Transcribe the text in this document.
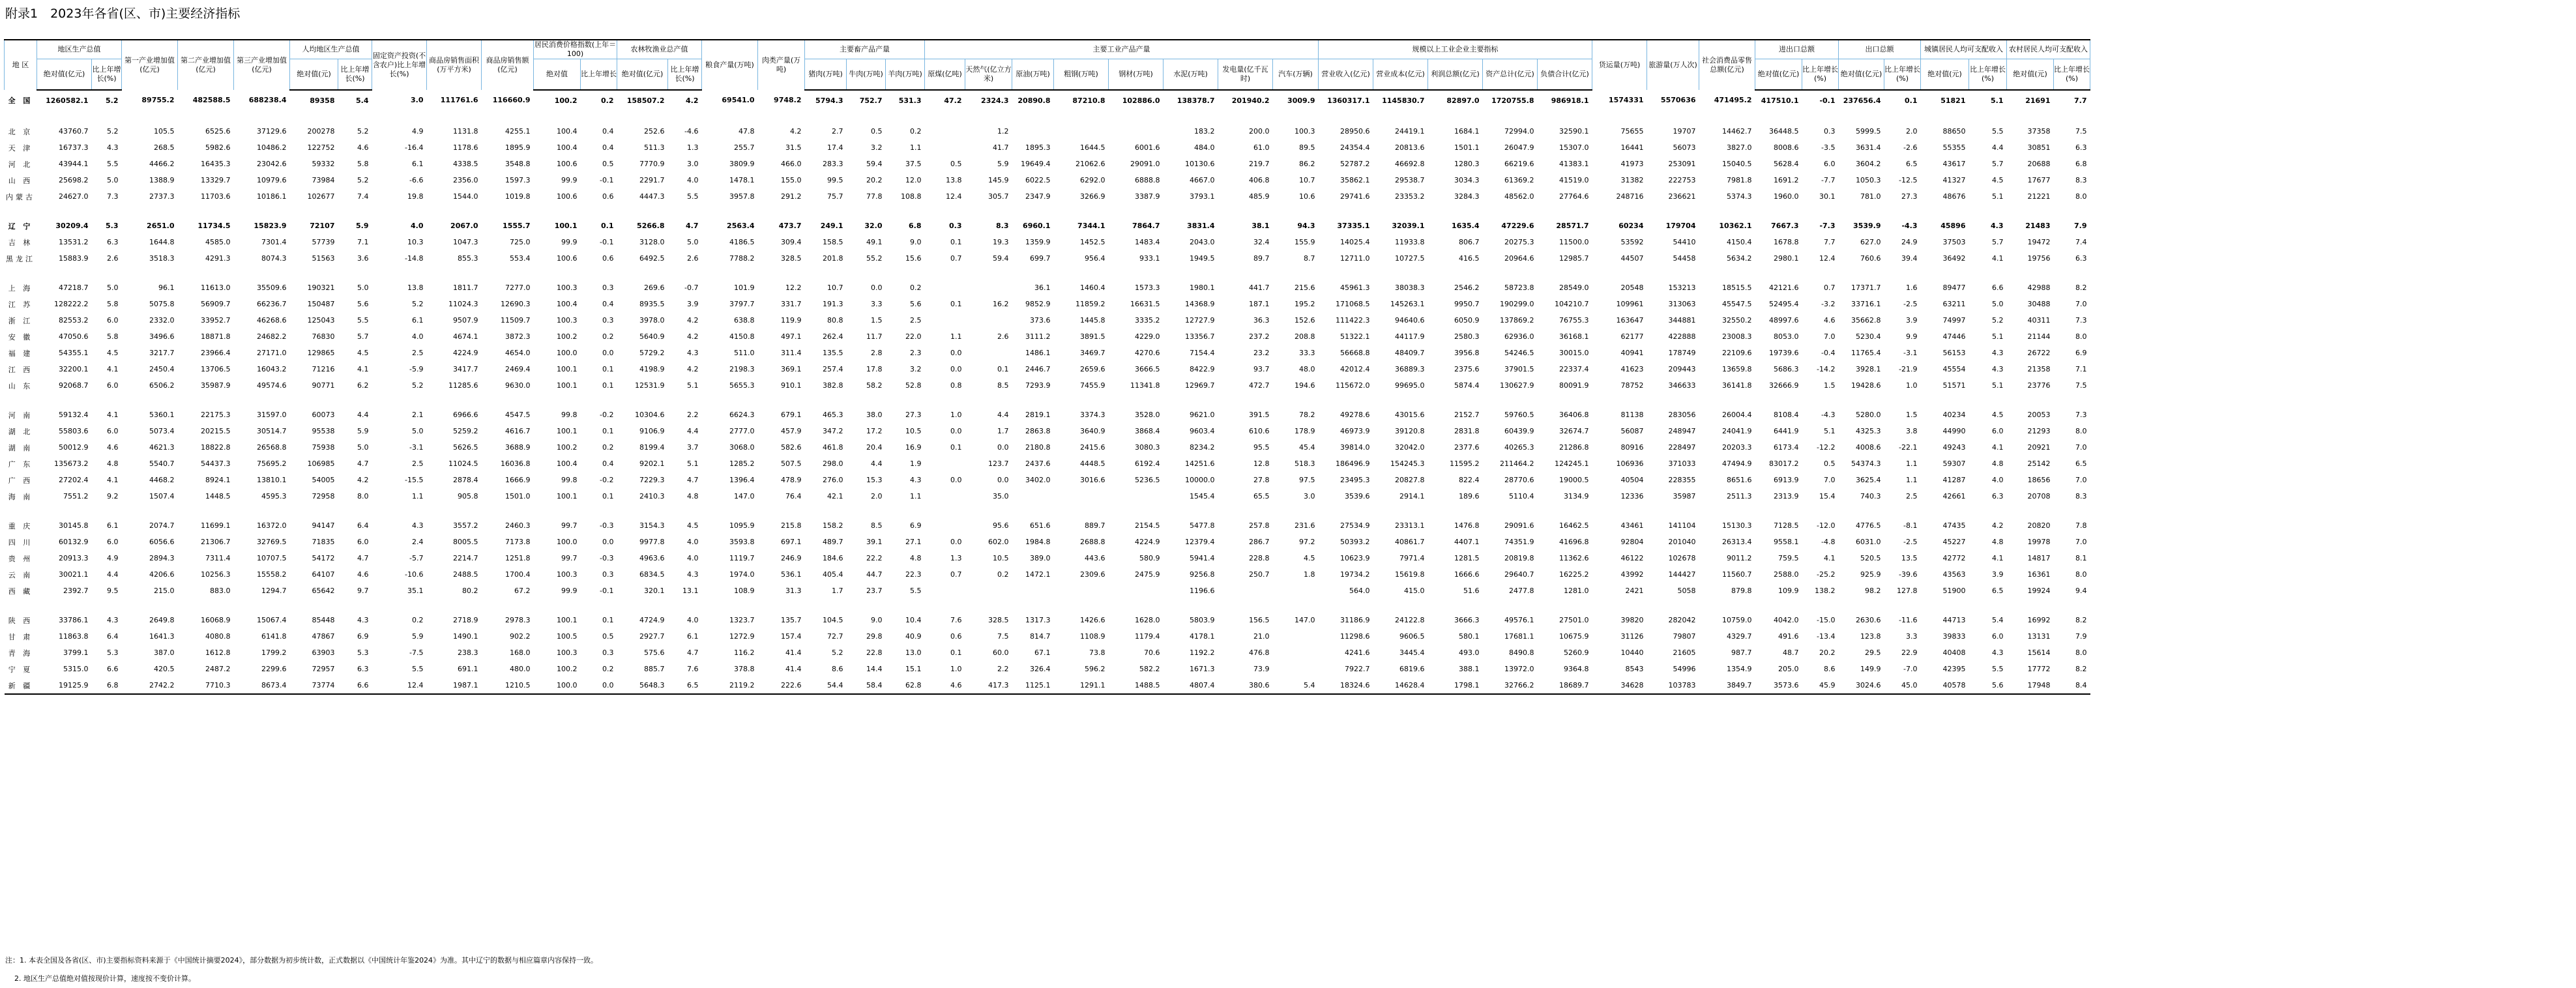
附录1　2023年各省(区、市)主要经济指标
地 区	地区生产总值		第一产业增加值(亿元)	第二产业增加值(亿元)	第三产业增加值(亿元)	人均地区生产总值		固定资产投资(不含农户)比上年增长(%)	商品房销售面积(万平方米)	商品房销售额(亿元)	居民消费价格指数(上年＝100)		农林牧渔业总产值		粮食产量(万吨)	肉类产量(万吨)	主要畜产品产量			主要工业产品产量								规模以上工业企业主要指标					货运量(万吨)	旅游量(万人次)	社会消费品零售总额(亿元)	进出口总额		出口总额		城镇居民人均可支配收入		农村居民人均可支配收入	
	绝对值(亿元)	比上年增长(%)				绝对值(元)	比上年增长(%)				绝对值	比上年增长	绝对值(亿元)	比上年增长(%)			猪肉(万吨)	牛肉(万吨)	羊肉(万吨)	原煤(亿吨)	天然气(亿立方米)	原油(万吨)	粗钢(万吨)	钢材(万吨)	水泥(万吨)	发电量(亿千瓦时)	汽车(万辆)	营业收入(亿元)	营业成本(亿元)	利润总额(亿元)	资产总计(亿元)	负债合计(亿元)				绝对值(亿元)	比上年增长(%)	绝对值(亿元)	比上年增长(%)	绝对值(元)	比上年增长(%)	绝对值(元)	比上年增长(%)
全 国	1260582.1	5.2	89755.2	482588.5	688238.4	89358	5.4	3.0	111761.6	116660.9	100.2	0.2	158507.2	4.2	69541.0	9748.2	5794.3	752.7	531.3	47.2	2324.3	20890.8	87210.8	102886.0	138378.7	201940.2	3009.9	1360317.1	1145830.7	82897.0	1720755.8	986918.1	1574331	5570636	471495.2	417510.1	-0.1	237656.4	0.1	51821	5.1	21691	7.7

北 京	43760.7	5.2	105.5	6525.6	37129.6	200278	5.2	4.9	1131.8	4255.1	100.4	0.4	252.6	-4.6	47.8	4.2	2.7	0.5	0.2		1.2				183.2	200.0	100.3	28950.6	24419.1	1684.1	72994.0	32590.1	75655	19707	14462.7	36448.5	0.3	5999.5	2.0	88650	5.5	37358	7.5
天 津	16737.3	4.3	268.5	5982.6	10486.2	122752	4.6	-16.4	1178.6	1895.9	100.4	0.4	511.3	1.3	255.7	31.5	17.4	3.2	1.1		41.7	1895.3	1644.5	6001.6	484.0	61.0	89.5	24354.4	20813.6	1501.1	26047.9	15307.0	16441	56073	3827.0	8008.6	-3.5	3631.4	-2.6	55355	4.4	30851	6.3
河 北	43944.1	5.5	4466.2	16435.3	23042.6	59332	5.8	6.1	4338.5	3548.8	100.6	0.5	7770.9	3.0	3809.9	466.0	283.3	59.4	37.5	0.5	5.9	19649.4	21062.6	29091.0	10130.6	219.7	86.2	52787.2	46692.8	1280.3	66219.6	41383.1	41973	253091	15040.5	5628.4	6.0	3604.2	6.5	43617	5.7	20688	6.8
山 西	25698.2	5.0	1388.9	13329.7	10979.6	73984	5.2	-6.6	2356.0	1597.3	99.9	-0.1	2291.7	4.0	1478.1	155.0	99.5	20.2	12.0	13.8	145.9	6022.5	6292.0	6888.8	4667.0	406.8	10.7	35862.1	29538.7	3034.3	61369.2	41519.0	31382	222753	7981.8	1691.2	-7.7	1050.3	-12.5	41327	4.5	17677	8.3
内蒙古	24627.0	7.3	2737.3	11703.6	10186.1	102677	7.4	19.8	1544.0	1019.8	100.6	0.6	4447.3	5.5	3957.8	291.2	75.7	77.8	108.8	12.4	305.7	2347.9	3266.9	3387.9	3793.1	485.9	10.6	29741.6	23353.2	3284.3	48562.0	27764.6	248716	236621	5374.3	1960.0	30.1	781.0	27.3	48676	5.1	21221	8.0

辽 宁	30209.4	5.3	2651.0	11734.5	15823.9	72107	5.9	4.0	2067.0	1555.7	100.1	0.1	5266.8	4.7	2563.4	473.7	249.1	32.0	6.8	0.3	8.3	6960.1	7344.1	7864.7	3831.4	38.1	94.3	37335.1	32039.1	1635.4	47229.6	28571.7	60234	179704	10362.1	7667.3	-7.3	3539.9	-4.3	45896	4.3	21483	7.9
吉 林	13531.2	6.3	1644.8	4585.0	7301.4	57739	7.1	10.3	1047.3	725.0	99.9	-0.1	3128.0	5.0	4186.5	309.4	158.5	49.1	9.0	0.1	19.3	1359.9	1452.5	1483.4	2043.0	32.4	155.9	14025.4	11933.8	806.7	20275.3	11500.0	53592	54410	4150.4	1678.8	7.7	627.0	24.9	37503	5.7	19472	7.4
黑龙江	15883.9	2.6	3518.3	4291.3	8074.3	51563	3.6	-14.8	855.3	553.4	100.6	0.6	6492.5	2.6	7788.2	328.5	201.8	55.2	15.6	0.7	59.4	699.7	956.4	933.1	1949.5	89.7	8.7	12711.0	10727.5	416.5	20964.6	12985.7	44507	54458	5634.2	2980.1	12.4	760.6	39.4	36492	4.1	19756	6.3

上 海	47218.7	5.0	96.1	11613.0	35509.6	190321	5.0	13.8	1811.7	7277.0	100.3	0.3	269.6	-0.7	101.9	12.2	10.7	0.0	0.2			36.1	1460.4	1573.3	1980.1	441.7	215.6	45961.3	38038.3	2546.2	58723.8	28549.0	20548	153213	18515.5	42121.6	0.7	17371.7	1.6	89477	6.6	42988	8.2
江 苏	128222.2	5.8	5075.8	56909.7	66236.7	150487	5.6	5.2	11024.3	12690.3	100.4	0.4	8935.5	3.9	3797.7	331.7	191.3	3.3	5.6	0.1	16.2	9852.9	11859.2	16631.5	14368.9	187.1	195.2	171068.5	145263.1	9950.7	190299.0	104210.7	109961	313063	45547.5	52495.4	-3.2	33716.1	-2.5	63211	5.0	30488	7.0
浙 江	82553.2	6.0	2332.0	33952.7	46268.6	125043	5.5	6.1	9507.9	11509.7	100.3	0.3	3978.0	4.2	638.8	119.9	80.8	1.5	2.5			373.6	1445.8	3335.2	12727.9	36.3	152.6	111422.3	94640.6	6050.9	137869.2	76755.3	163647	344881	32550.2	48997.6	4.6	35662.8	3.9	74997	5.2	40311	7.3
安 徽	47050.6	5.8	3496.6	18871.8	24682.2	76830	5.7	4.0	4674.1	3872.3	100.2	0.2	5640.9	4.2	4150.8	497.1	262.4	11.7	22.0	1.1	2.6	3111.2	3891.5	4229.0	13356.7	237.2	208.8	51322.1	44117.9	2580.3	62936.0	36168.1	62177	422888	23008.3	8053.0	7.0	5230.4	9.9	47446	5.1	21144	8.0
福 建	54355.1	4.5	3217.7	23966.4	27171.0	129865	4.5	2.5	4224.9	4654.0	100.0	0.0	5729.2	4.3	511.0	311.4	135.5	2.8	2.3	0.0		1486.1	3469.7	4270.6	7154.4	23.2	33.3	56668.8	48409.7	3956.8	54246.5	30015.0	40941	178749	22109.6	19739.6	-0.4	11765.4	-3.1	56153	4.3	26722	6.9
江 西	32200.1	4.1	2450.4	13706.5	16043.2	71216	4.1	-5.9	3417.7	2469.4	100.1	0.1	4198.9	4.2	2198.3	369.1	257.4	17.8	3.2	0.0	0.1	2446.7	2659.6	3666.5	8422.9	93.7	48.0	42012.4	36889.3	2375.6	37901.5	22337.4	41623	209443	13659.8	5686.3	-14.2	3928.1	-21.9	45554	4.3	21358	7.1
山 东	92068.7	6.0	6506.2	35987.9	49574.6	90771	6.2	5.2	11285.6	9630.0	100.1	0.1	12531.9	5.1	5655.3	910.1	382.8	58.2	52.8	0.8	8.5	7293.9	7455.9	11341.8	12969.7	472.7	194.6	115672.0	99695.0	5874.4	130627.9	80091.9	78752	346633	36141.8	32666.9	1.5	19428.6	1.0	51571	5.1	23776	7.5

河 南	59132.4	4.1	5360.1	22175.3	31597.0	60073	4.4	2.1	6966.6	4547.5	99.8	-0.2	10304.6	2.2	6624.3	679.1	465.3	38.0	27.3	1.0	4.4	2819.1	3374.3	3528.0	9621.0	391.5	78.2	49278.6	43015.6	2152.7	59760.5	36406.8	81138	283056	26004.4	8108.4	-4.3	5280.0	1.5	40234	4.5	20053	7.3
湖 北	55803.6	6.0	5073.4	20215.5	30514.7	95538	5.9	5.0	5259.2	4616.7	100.1	0.1	9106.9	4.4	2777.0	457.9	347.2	17.2	10.5	0.0	1.7	2863.8	3640.9	3868.4	9603.4	610.6	178.9	46973.9	39120.8	2831.8	60439.9	32674.7	56087	248947	24041.9	6441.9	5.1	4325.3	3.8	44990	6.0	21293	8.0
湖 南	50012.9	4.6	4621.3	18822.8	26568.8	75938	5.0	-3.1	5626.5	3688.9	100.2	0.2	8199.4	3.7	3068.0	582.6	461.8	20.4	16.9	0.1	0.0	2180.8	2415.6	3080.3	8234.2	95.5	45.4	39814.0	32042.0	2377.6	40265.3	21286.8	80916	228497	20203.3	6173.4	-12.2	4008.6	-22.1	49243	4.1	20921	7.0
广 东	135673.2	4.8	5540.7	54437.3	75695.2	106985	4.7	2.5	11024.5	16036.8	100.4	0.4	9202.1	5.1	1285.2	507.5	298.0	4.4	1.9		123.7	2437.6	4448.5	6192.4	14251.6	12.8	518.3	186496.9	154245.3	11595.2	211464.2	124245.1	106936	371033	47494.9	83017.2	0.5	54374.3	1.1	59307	4.8	25142	6.5
广 西	27202.4	4.1	4468.2	8924.1	13810.1	54005	4.2	-15.5	2878.4	1666.9	99.8	-0.2	7229.3	4.7	1396.4	478.9	276.0	15.3	4.3	0.0	0.0	3402.0	3016.6	5236.5	10000.0	27.8	97.5	23495.3	20827.8	822.4	28770.6	19000.5	40504	228355	8651.6	6913.9	7.0	3625.4	1.1	41287	4.0	18656	7.0
海 南	7551.2	9.2	1507.4	1448.5	4595.3	72958	8.0	1.1	905.8	1501.0	100.1	0.1	2410.3	4.8	147.0	76.4	42.1	2.0	1.1		35.0				1545.4	65.5	3.0	3539.6	2914.1	189.6	5110.4	3134.9	12336	35987	2511.3	2313.9	15.4	740.3	2.5	42661	6.3	20708	8.3

重 庆	30145.8	6.1	2074.7	11699.1	16372.0	94147	6.4	4.3	3557.2	2460.3	99.7	-0.3	3154.3	4.5	1095.9	215.8	158.2	8.5	6.9		95.6	651.6	889.7	2154.5	5477.8	257.8	231.6	27534.9	23313.1	1476.8	29091.6	16462.5	43461	141104	15130.3	7128.5	-12.0	4776.5	-8.1	47435	4.2	20820	7.8
四 川	60132.9	6.0	6056.6	21306.7	32769.5	71835	6.0	2.4	8005.5	7173.8	100.0	0.0	9977.8	4.0	3593.8	697.1	489.7	39.1	27.1	0.0	602.0	1984.8	2688.8	4224.9	12379.4	286.7	97.2	50393.2	40861.7	4407.1	74351.9	41696.8	92804	201040	26313.4	9558.1	-4.8	6031.0	-2.5	45227	4.8	19978	7.0
贵 州	20913.3	4.9	2894.3	7311.4	10707.5	54172	4.7	-5.7	2214.7	1251.8	99.7	-0.3	4963.6	4.0	1119.7	246.9	184.6	22.2	4.8	1.3	10.5	389.0	443.6	580.9	5941.4	228.8	4.5	10623.9	7971.4	1281.5	20819.8	11362.6	46122	102678	9011.2	759.5	4.1	520.5	13.5	42772	4.1	14817	8.1
云 南	30021.1	4.4	4206.6	10256.3	15558.2	64107	4.6	-10.6	2488.5	1700.4	100.3	0.3	6834.5	4.3	1974.0	536.1	405.4	44.7	22.3	0.7	0.2	1472.1	2309.6	2475.9	9256.8	250.7	1.8	19734.2	15619.8	1666.6	29640.7	16225.2	43992	144427	11560.7	2588.0	-25.2	925.9	-39.6	43563	3.9	16361	8.0
西 藏	2392.7	9.5	215.0	883.0	1294.7	65642	9.7	35.1	80.2	67.2	99.9	-0.1	320.1	13.1	108.9	31.3	1.7	23.7	5.5						1196.6			564.0	415.0	51.6	2477.8	1281.0	2421	5058	879.8	109.9	138.2	98.2	127.8	51900	6.5	19924	9.4

陕 西	33786.1	4.3	2649.8	16068.9	15067.4	85448	4.3	0.2	2718.9	2978.3	100.1	0.1	4724.9	4.0	1323.7	135.7	104.5	9.0	10.4	7.6	328.5	1317.3	1426.6	1628.0	5803.9	156.5	147.0	31186.9	24122.8	3666.3	49576.1	27501.0	39820	282042	10759.0	4042.0	-15.0	2630.6	-11.6	44713	5.4	16992	8.2
甘 肃	11863.8	6.4	1641.3	4080.8	6141.8	47867	6.9	5.9	1490.1	902.2	100.5	0.5	2927.7	6.1	1272.9	157.4	72.7	29.8	40.9	0.6	7.5	814.7	1108.9	1179.4	4178.1	21.0		11298.6	9606.5	580.1	17681.1	10675.9	31126	79807	4329.7	491.6	-13.4	123.8	3.3	39833	6.0	13131	7.9
青 海	3799.1	5.3	387.0	1612.8	1799.2	63903	5.3	-7.5	238.3	168.0	100.3	0.3	575.6	4.7	116.2	41.4	5.2	22.8	13.0	0.1	60.0	67.1	73.8	70.6	1192.2	476.8		4241.6	3445.4	493.0	8490.8	5260.9	10440	21605	987.7	48.7	20.2	29.5	22.9	40408	4.3	15614	8.0
宁 夏	5315.0	6.6	420.5	2487.2	2299.6	72957	6.3	5.5	691.1	480.0	100.2	0.2	885.7	7.6	378.8	41.4	8.6	14.4	15.1	1.0	2.2	326.4	596.2	582.2	1671.3	73.9		7922.7	6819.6	388.1	13972.0	9364.8	8543	54996	1354.9	205.0	8.6	149.9	-7.0	42395	5.5	17772	8.2
新 疆	19125.9	6.8	2742.2	7710.3	8673.4	73774	6.6	12.4	1987.1	1210.5	100.0	0.0	5648.3	6.5	2119.2	222.6	54.4	58.4	62.8	4.6	417.3	1125.1	1291.1	1488.5	4807.4	380.6	5.4	18324.6	14628.4	1798.1	32766.2	18689.7	34628	103783	3849.7	3573.6	45.9	3024.6	45.0	40578	5.6	17948	8.4
注：1. 本表全国及各省(区、市)主要指标资料来源于《中国统计摘要2024》，部分数据为初步统计数，正式数据以《中国统计年鉴2024》为准。其中辽宁的数据与相应篇章内容保持一致。
2. 地区生产总值绝对值按现价计算，速度按不变价计算。
